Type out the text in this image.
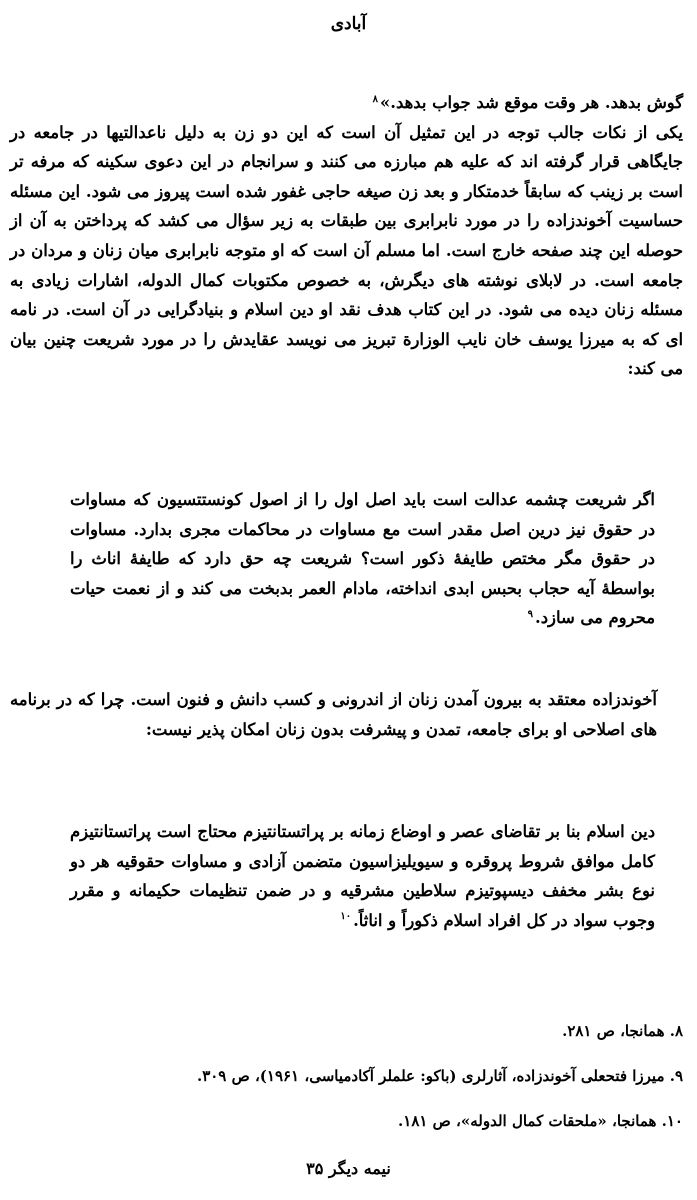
آبادی

گوش بدهد. هر وقت موقع شد جواب بدهد.»$^۸$

یکی از نکات جالب توجه در این تمثیل آن است که این دو زن به دلیل ناعدالتیها در جامعه در جایگاهی قرار گرفته اند که علیه هم مبارزه می کنند و سرانجام در این دعوی سکینه که مرفه تر است بر زینب که سابقاً خدمتکار و بعد زن صیغه حاجی غفور شده است پیروز می شود. این مسئله حساسیت آخوندزاده را در مورد نابرابری بین طبقات به زیر سؤال می کشد که پرداختن به آن از حوصله این چند صفحه خارج است. اما مسلم آن است که او متوجه نابرابری میان زنان و مردان در جامعه است. در لابلای نوشته های دیگرش، به خصوص مکتوبات کمال الدوله، اشارات زیادی به مسئله زنان دیده می شود. در این کتاب هدف نقد او دین اسلام و بنیادگرایی در آن است. در نامه ای که به میرزا یوسف خان نایب الوزارة تبریز می نویسد عقایدش را در مورد شریعت چنین بیان می کند:

اگر شریعت چشمه عدالت است باید اصل اول را از اصول کونستتسیون که مساوات در حقوق نیز درین اصل مقدر است مع مساوات در محاکمات مجری بدارد. مساوات در حقوق مگر مختص طایفهٔ ذکور است؟ شریعت چه حق دارد که طایفهٔ اناث را بواسطهٔ آیه حجاب بحبس ابدی انداخته، مادام العمر بدبخت می کند و از نعمت حیات محروم می سازد.$^۹$
آخوندزاده معتقد به بیرون آمدن زنان از اندرونی و کسب دانش و فنون است. چرا که در برنامه های اصلاحی او برای جامعه، تمدن و پیشرفت بدون زنان امکان پذیر نیست:
دین اسلام بنا بر تقاضای عصر و اوضاع زمانه بر پراتستانتیزم محتاج است پراتستانتیزم کامل موافق شروط پروقره و سیویلیزاسیون متضمن آزادی و مساوات حقوقیه هر دو نوع بشر مخفف دیسپوتیزم سلاطین مشرقیه و در ضمن تنظیمات حکیمانه و مقرر وجوب سواد در کل افراد اسلام ذکوراً و اناثاً.$^{۱۰}$

۸. همانجا، ص ۲۸۱.

۹. میرزا فتحعلی آخوندزاده، آثارلری (باکو: علملر آکادمیاسی، ۱۹۶۱)، ص ۳۰۹.

۱۰. همانجا، «ملحقات کمال الدوله»، ص ۱۸۱.

نیمه دیگر ۳۵
